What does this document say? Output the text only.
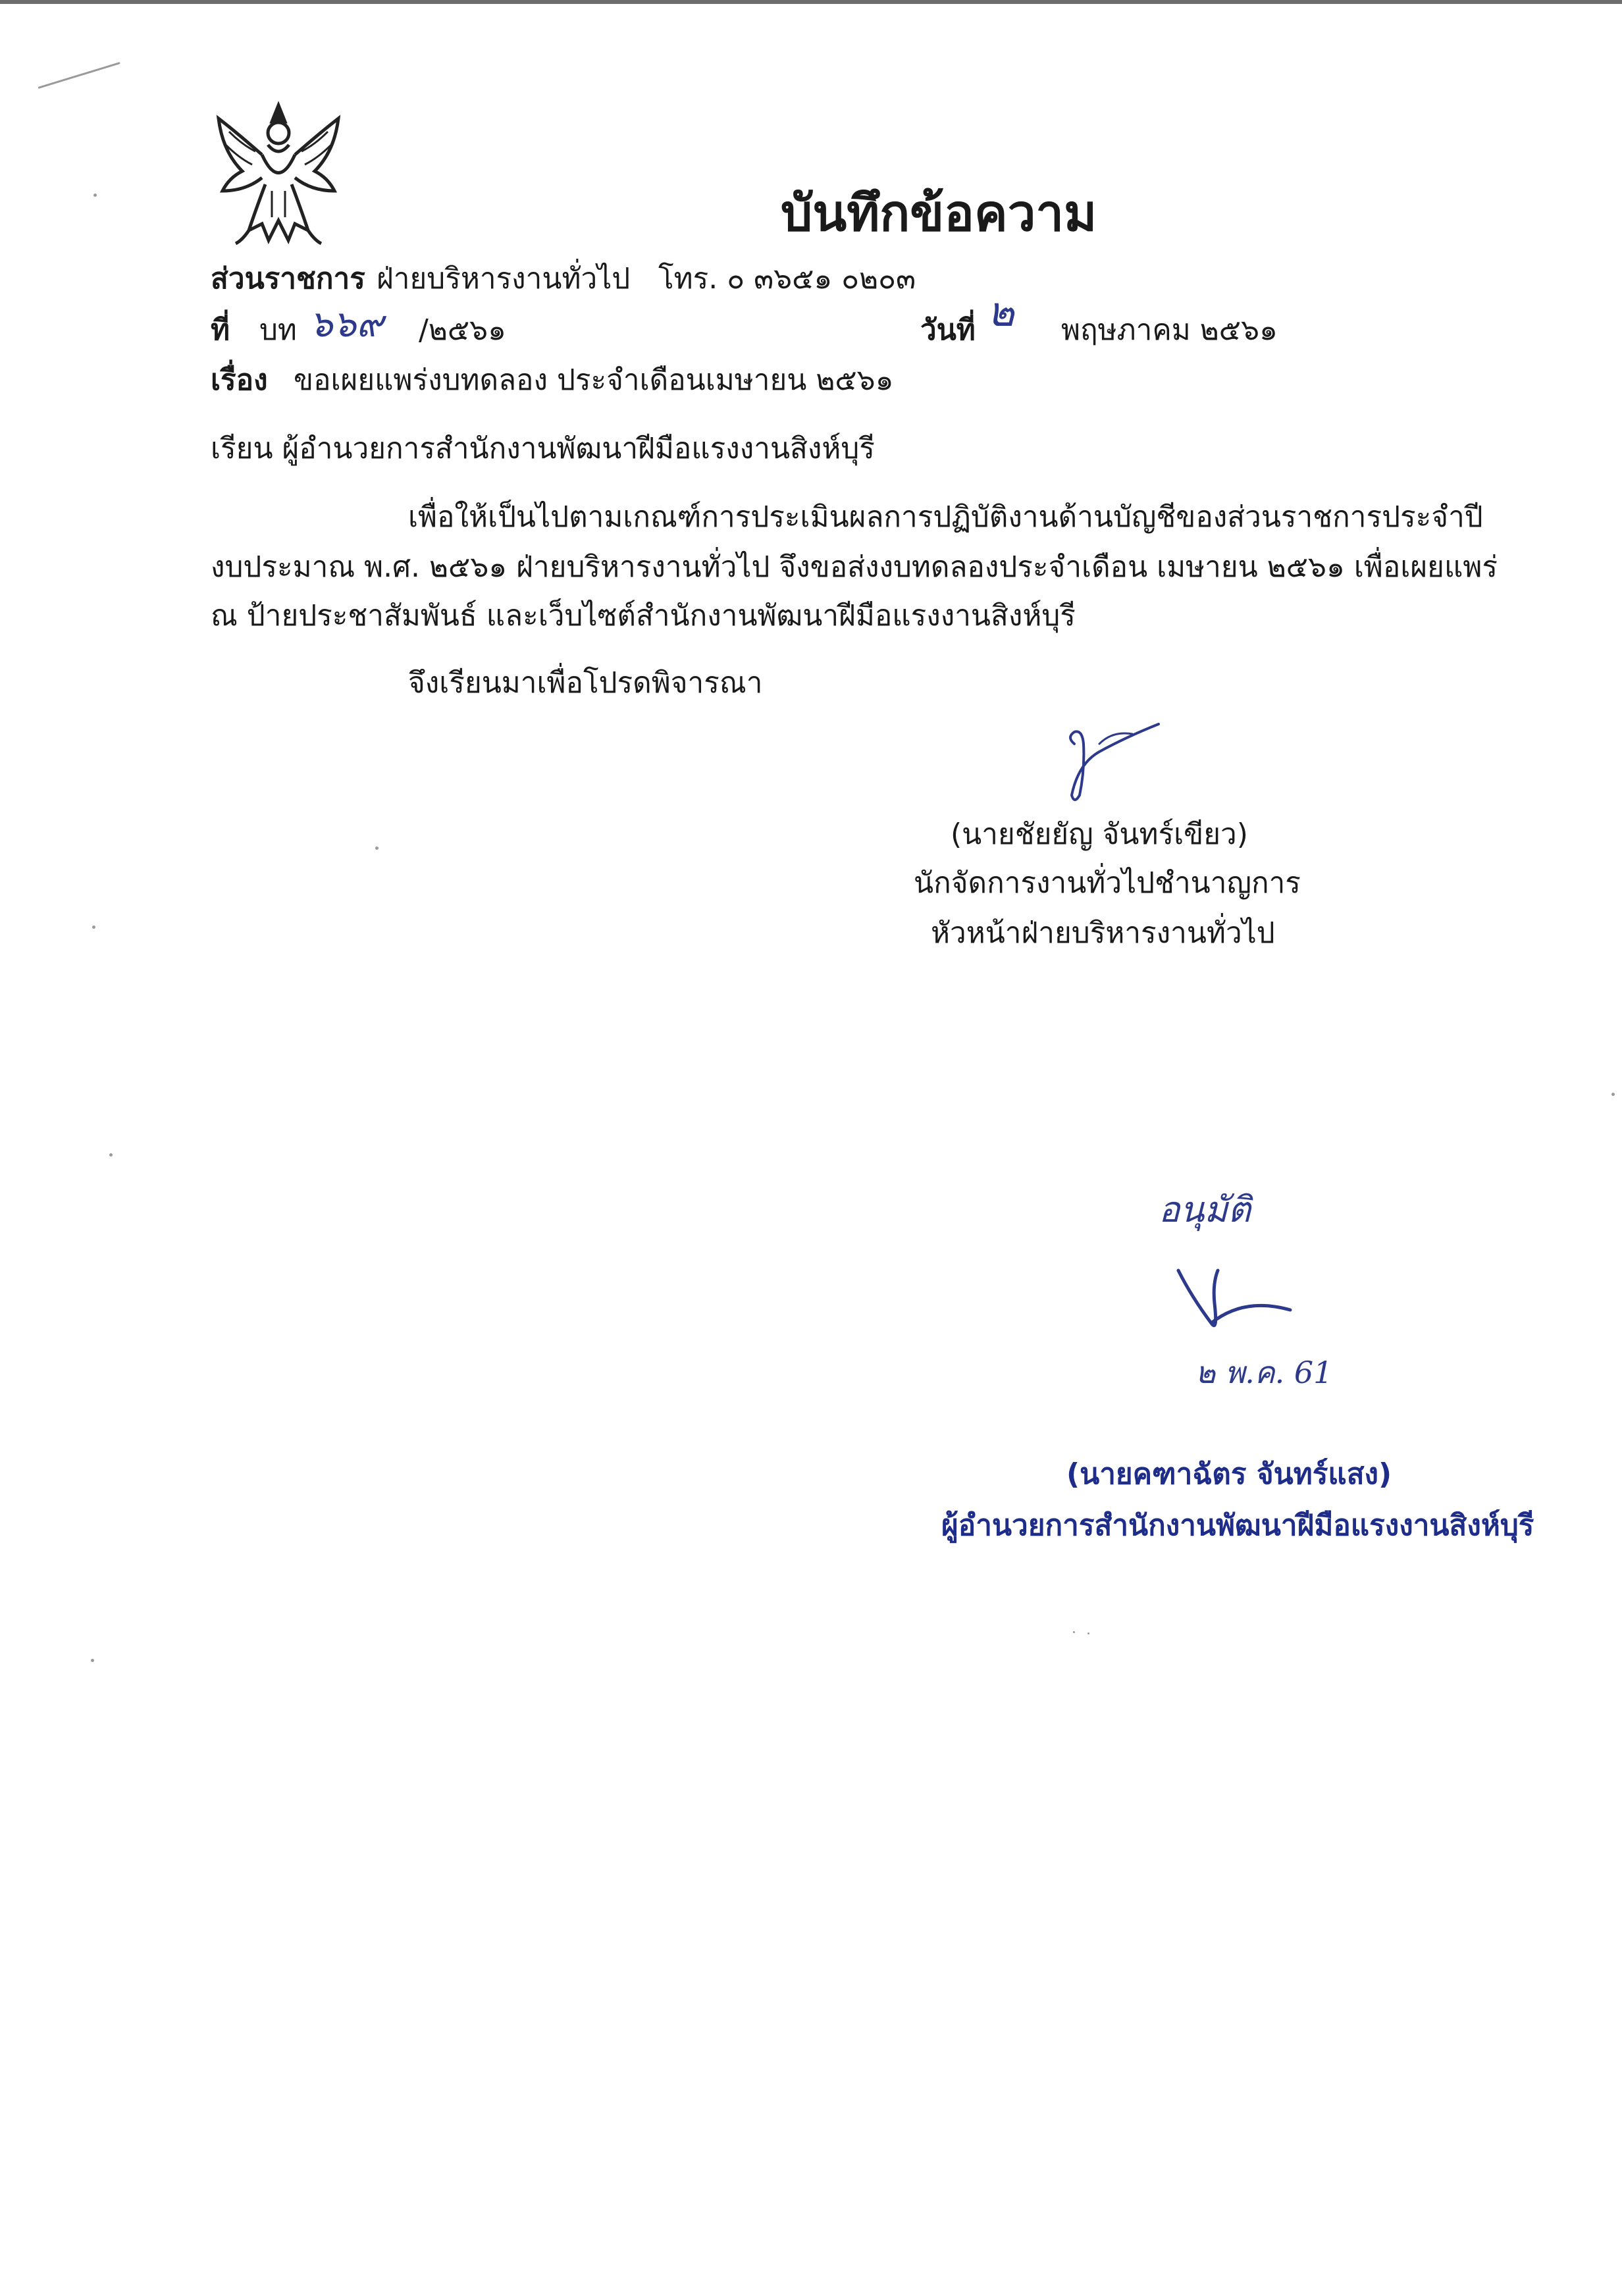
บันทึกข้อความ
ส่วนราชการ ฝ่ายบริหารงานทั่วไป โทร. ๐ ๓๖๕๑ ๐๒๐๓
ที่ บท ๖๖๙ /๒๕๖๑	วันที่ ๒ พฤษภาคม ๒๕๖๑
เรื่อง ขอเผยแพร่งบทดลอง ประจำเดือนเมษายน ๒๕๖๑
เรียน ผู้อำนวยการสำนักงานพัฒนาฝีมือแรงงานสิงห์บุรี
เพื่อให้เป็นไปตามเกณฑ์การประเมินผลการปฏิบัติงานด้านบัญชีของส่วนราชการประจำปี
งบประมาณ พ.ศ. ๒๕๖๑ ฝ่ายบริหารงานทั่วไป จึงขอส่งงบทดลองประจำเดือน เมษายน ๒๕๖๑ เพื่อเผยแพร่
ณ ป้ายประชาสัมพันธ์ และเว็บไซต์สำนักงานพัฒนาฝีมือแรงงานสิงห์บุรี
จึงเรียนมาเพื่อโปรดพิจารณา
(นายชัยยัญ จันทร์เขียว)
นักจัดการงานทั่วไปชำนาญการ
หัวหน้าฝ่ายบริหารงานทั่วไป
อนุมัติ
๒ พ.ค. 61
(นายคฑาฉัตร จันทร์แสง)
ผู้อำนวยการสำนักงานพัฒนาฝีมือแรงงานสิงห์บุรี
